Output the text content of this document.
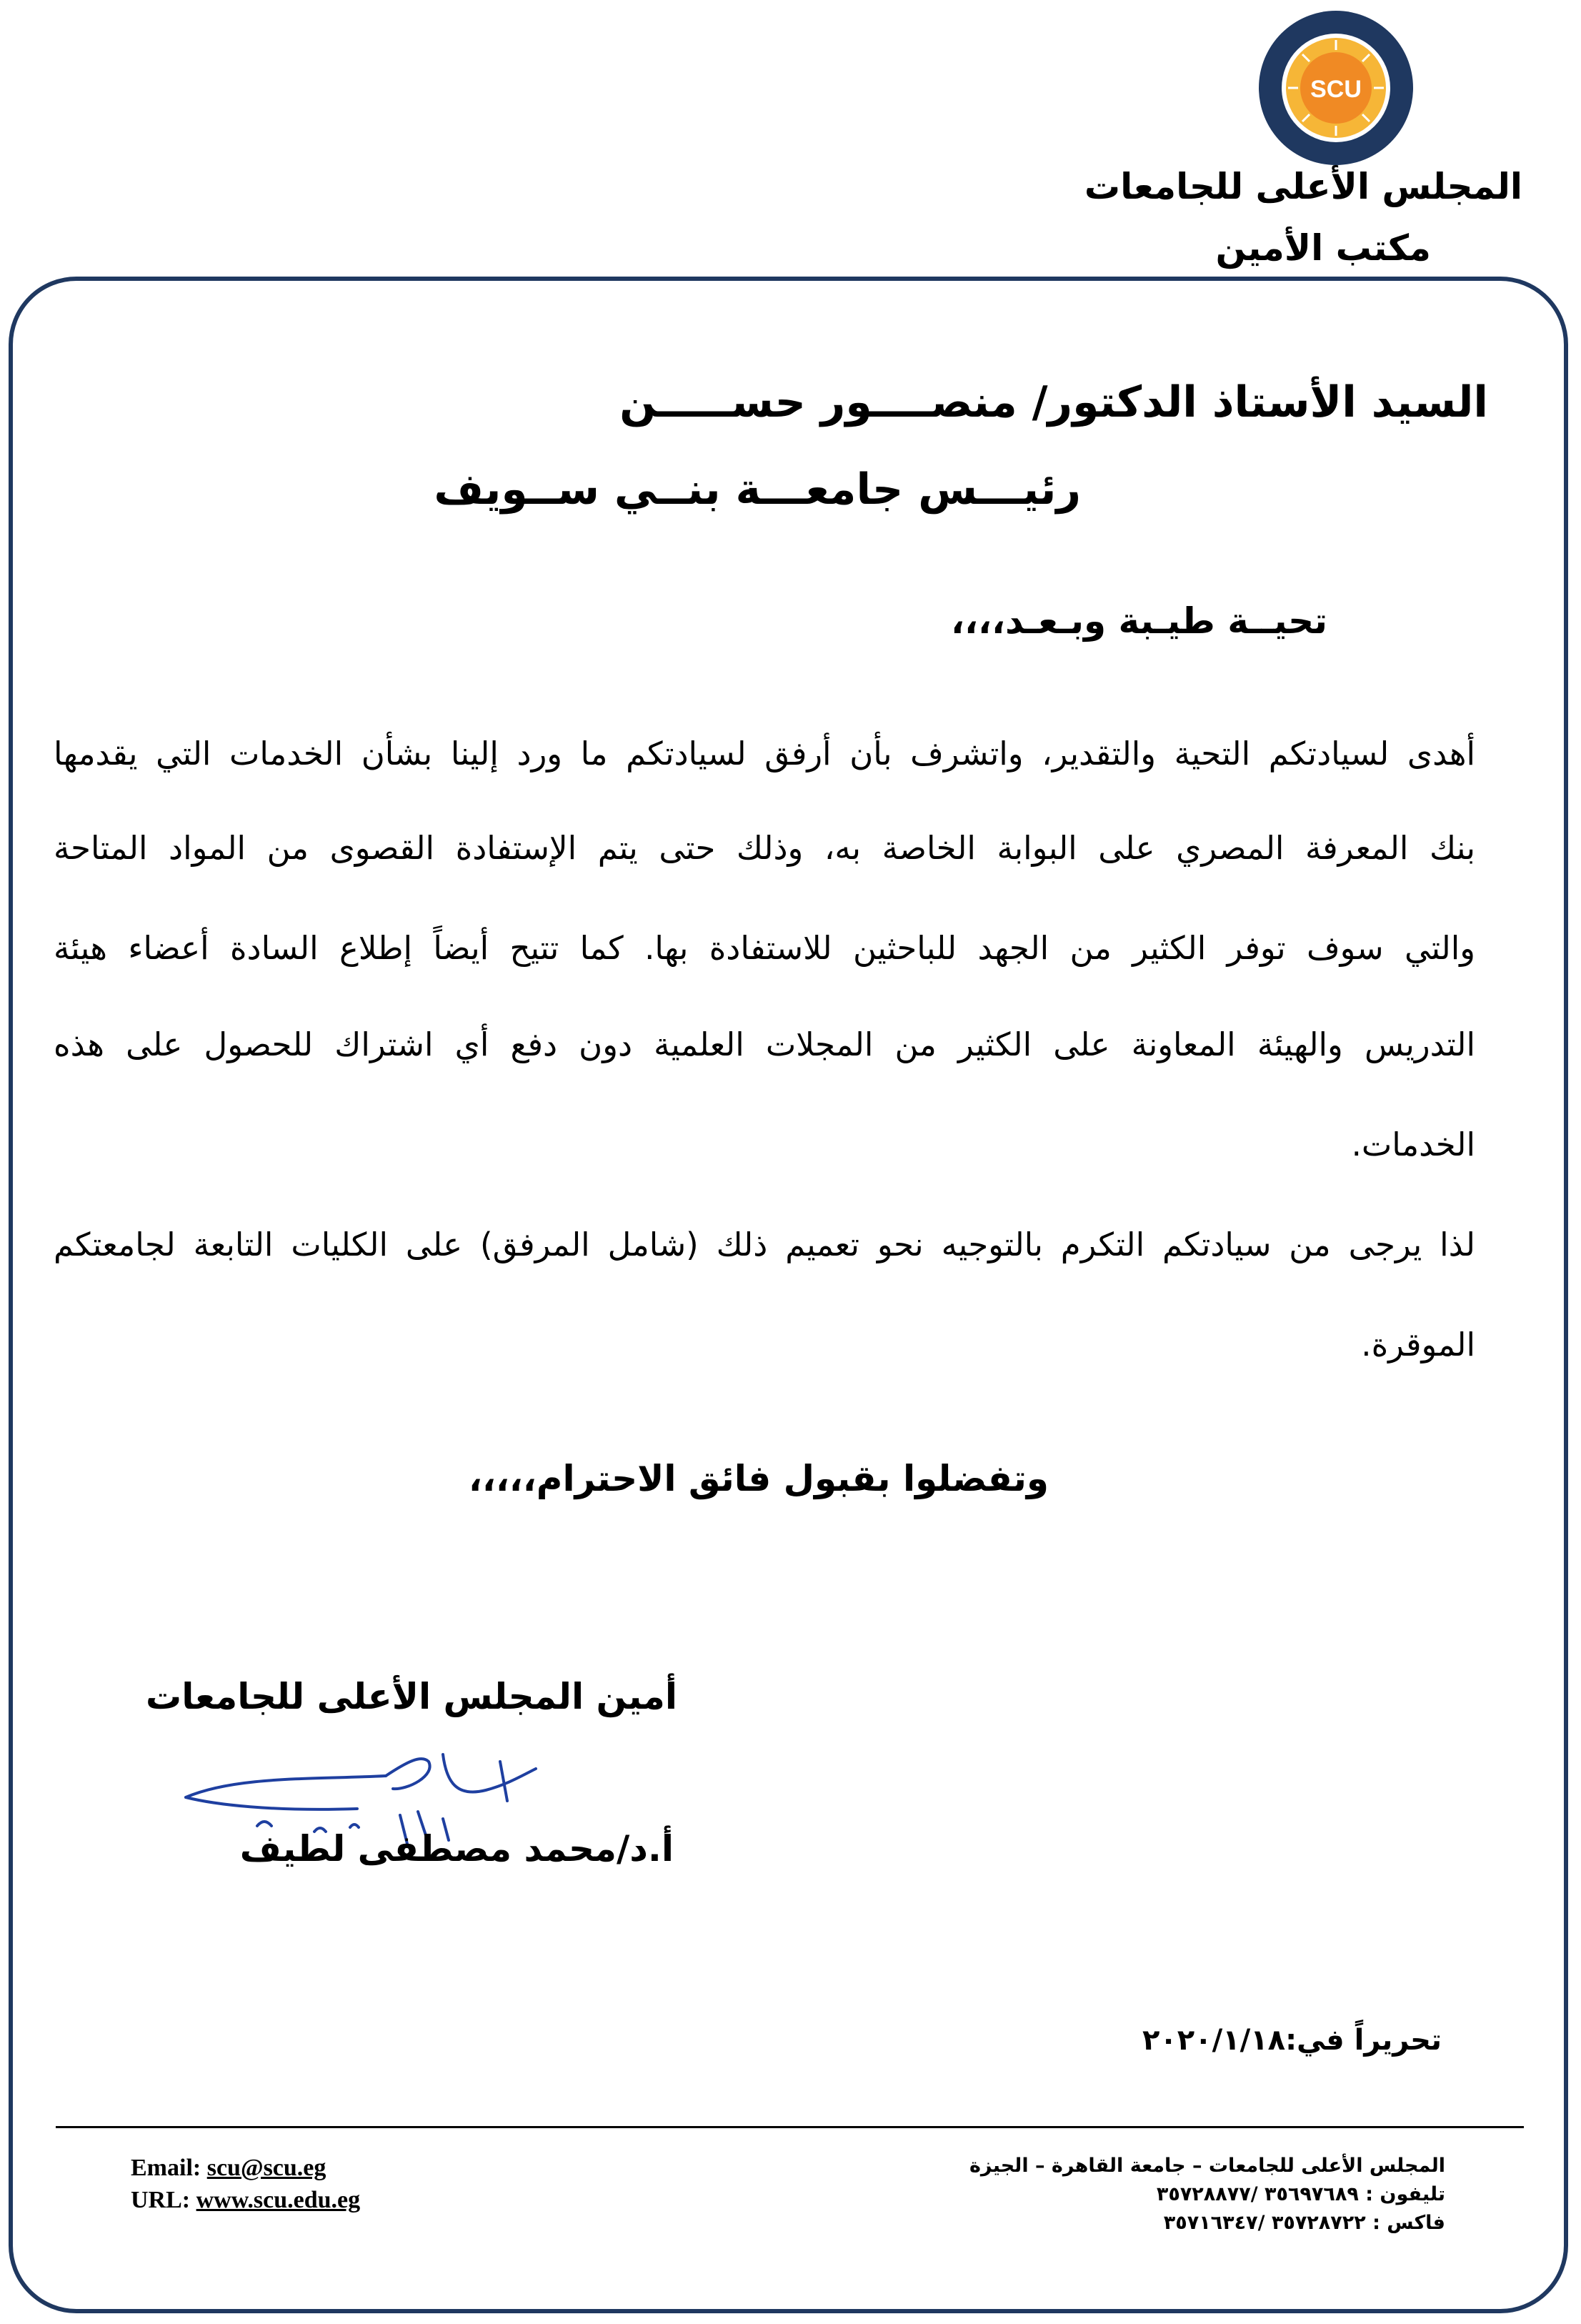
SCU
المجلس الأعلى للجامعات
مكتب الأمين
السيد الأستاذ الدكتور/ منصــــور حســـــن
رئيـــس جامعـــة بنــي ســويف
تحيــة طيـبة وبـعـد،،،،
أهدى لسيادتكم التحية والتقدير، واتشرف بأن أرفق لسيادتكم ما ورد إلينا بشأن الخدمات التي يقدمها
بنك المعرفة المصري على البوابة الخاصة به، وذلك حتى يتم الإستفادة القصوى من المواد المتاحة
والتي سوف توفر الكثير من الجهد للباحثين للاستفادة بها. كما تتيح أيضاً إطلاع السادة أعضاء هيئة
التدريس والهيئة المعاونة على الكثير من المجلات العلمية دون دفع أي اشتراك للحصول على هذه
الخدمات.
لذا يرجى من سيادتكم التكرم بالتوجيه نحو تعميم ذلك (شامل المرفق) على الكليات التابعة لجامعتكم
الموقرة.
وتفضلوا بقبول فائق الاحترام،،،،،
أمين المجلس الأعلى للجامعات
أ.د/محمد مصطفى لطيف
تحريراً في:٢٠٢٠/١/١٨
Email: scu@scu.eg
URL: www.scu.edu.eg
المجلس الأعلى للجامعات – جامعة القاهرة – الجيزة
تليفون : ٣٥٦٩٧٦٨٩ /٣٥٧٢٨٨٧٧
فاكس : ٣٥٧٢٨٧٢٢ /٣٥٧١٦٣٤٧
